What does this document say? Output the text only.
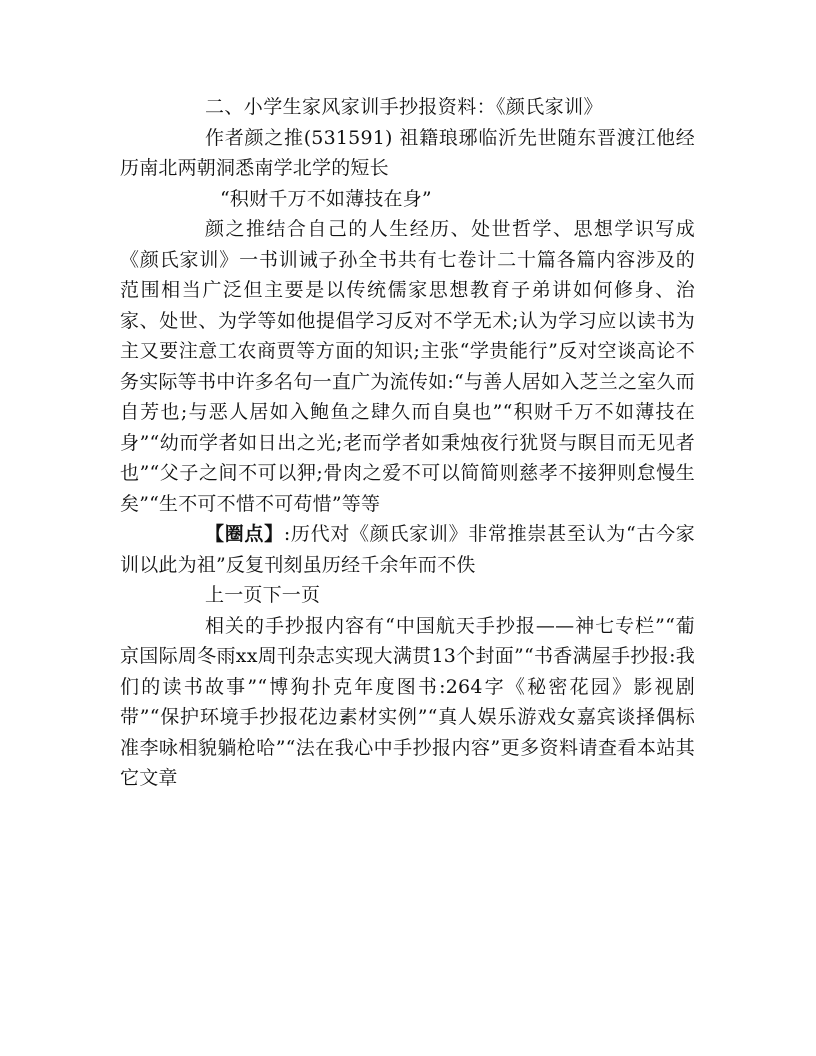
二、小学生家风家训手抄报资料：《颜氏家训》

作者颜之推(531591) 祖籍琅琊临沂先世随东晋渡江他经历南北两朝洞悉南学北学的短长

“积财千万不如薄技在身”

颜之推结合自己的人生经历、处世哲学、思想学识写成《颜氏家训》一书训诫子孙全书共有七卷计二十篇各篇内容涉及的范围相当广泛但主要是以传统儒家思想教育子弟讲如何修身、治家、处世、为学等如他提倡学习反对不学无术;认为学习应以读书为主又要注意工农商贾等方面的知识;主张“学贵能行”反对空谈高论不务实际等书中许多名句一直广为流传如:“与善人居如入芝兰之室久而自芳也;与恶人居如入鲍鱼之肆久而自臭也”“积财千万不如薄技在身”“幼而学者如日出之光;老而学者如秉烛夜行犹贤与瞑目而无见者也”“父子之间不可以狎;骨肉之爱不可以简简则慈孝不接狎则怠慢生矣”“生不可不惜不可苟惜”等等

【圈点】:历代对《颜氏家训》非常推崇甚至认为“古今家训以此为祖”反复刊刻虽历经千余年而不佚

上一页下一页

相关的手抄报内容有“中国航天手抄报——神七专栏”“葡京国际周冬雨xx周刊杂志实现大满贯13个封面”“书香满屋手抄报:我们的读书故事”“博狗扑克年度图书:264字《秘密花园》影视剧带”“保护环境手抄报花边素材实例”“真人娱乐游戏女嘉宾谈择偶标准李咏相貌躺枪哈”“法在我心中手抄报内容”更多资料请查看本站其它文章
